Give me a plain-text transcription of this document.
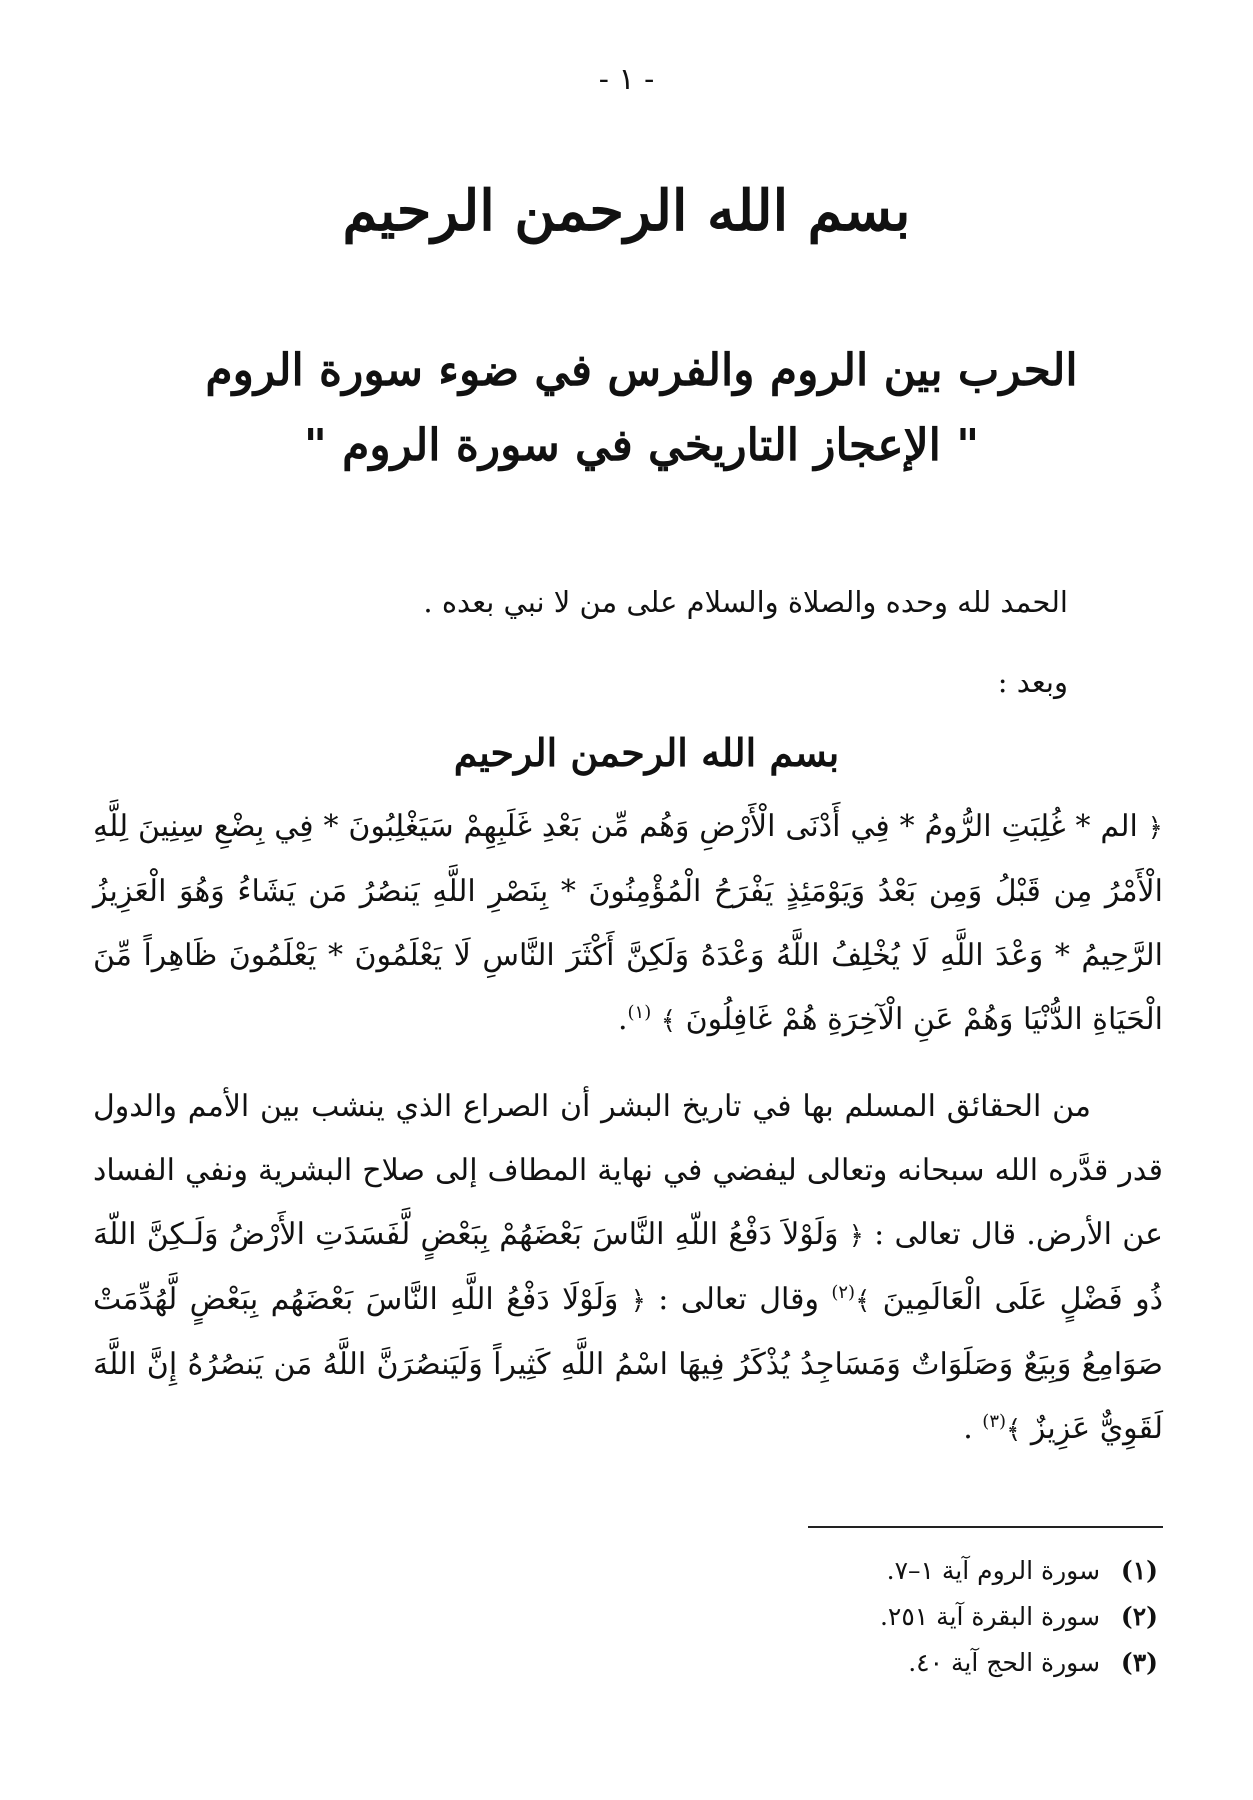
- ١ -
بسم الله الرحمن الرحيم
الحرب بين الروم والفرس في ضوء سورة الروم
" الإعجاز التاريخي في سورة الروم "
الحمد لله وحده والصلاة والسلام على من لا نبي بعده .
وبعد :
بسم الله الرحمن الرحيم
﴿ الم * غُلِبَتِ الرُّومُ * فِي أَدْنَى الْأَرْضِ وَهُم مِّن بَعْدِ غَلَبِهِمْ سَيَغْلِبُونَ * فِي بِضْعِ سِنِينَ لِلَّهِ الْأَمْرُ مِن قَبْلُ وَمِن بَعْدُ وَيَوْمَئِذٍ يَفْرَحُ الْمُؤْمِنُونَ * بِنَصْرِ اللَّهِ يَنصُرُ مَن يَشَاءُ وَهُوَ الْعَزِيزُ الرَّحِيمُ * وَعْدَ اللَّهِ لَا يُخْلِفُ اللَّهُ وَعْدَهُ وَلَكِنَّ أَكْثَرَ النَّاسِ لَا يَعْلَمُونَ * يَعْلَمُونَ ظَاهِراً مِّنَ الْحَيَاةِ الدُّنْيَا وَهُمْ عَنِ الْآخِرَةِ هُمْ غَافِلُونَ ﴾ $^{(١)}$.
من الحقائق المسلم بها في تاريخ البشر أن الصراع الذي ينشب بين الأمم والدول قدر قدَّره الله سبحانه وتعالى ليفضي في نهاية المطاف إلى صلاح البشرية ونفي الفساد عن الأرض. قال تعالى : ﴿ وَلَوْلاَ دَفْعُ اللّهِ النَّاسَ بَعْضَهُمْ بِبَعْضٍ لَّفَسَدَتِ الأَرْضُ وَلَـكِنَّ اللّهَ ذُو فَضْلٍ عَلَى الْعَالَمِينَ ﴾$^{(٢)}$ وقال تعالى : ﴿ وَلَوْلَا دَفْعُ اللَّهِ النَّاسَ بَعْضَهُم بِبَعْضٍ لَّهُدِّمَتْ صَوَامِعُ وَبِيَعٌ وَصَلَوَاتٌ وَمَسَاجِدُ يُذْكَرُ فِيهَا اسْمُ اللَّهِ كَثِيراً وَلَيَنصُرَنَّ اللَّهُ مَن يَنصُرُهُ إِنَّ اللَّهَ لَقَوِيٌّ عَزِيزٌ ﴾$^{(٣)}$ .
(١) سورة الروم آية ١–٧.
(٢) سورة البقرة آية ٢٥١.
(٣) سورة الحج آية ٤٠.
